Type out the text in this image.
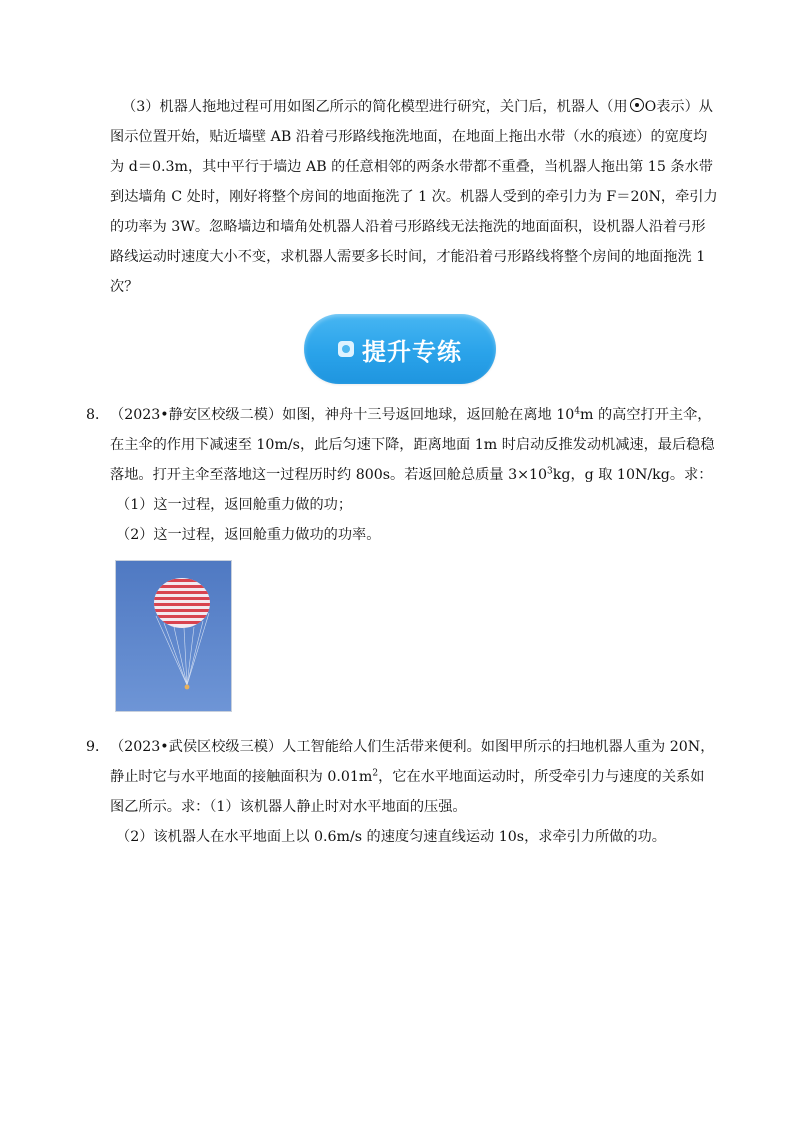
（3）机器人拖地过程可用如图乙所示的简化模型进行研究，关门后，机器人（用 O表示）从
图示位置开始，贴近墙壁 AB 沿着弓形路线拖洗地面，在地面上拖出水带（水的痕迹）的宽度均
为 d＝0.3m，其中平行于墙边 AB 的任意相邻的两条水带都不重叠，当机器人拖出第 15 条水带
到达墙角 C 处时，刚好将整个房间的地面拖洗了 1 次。机器人受到的牵引力为 F＝20N，牵引力
的功率为 3W。忽略墙边和墙角处机器人沿着弓形路线无法拖洗的地面面积，设机器人沿着弓形
路线运动时速度大小不变，求机器人需要多长时间，才能沿着弓形路线将整个房间的地面拖洗 1
次？
提升专练
8．（2023•静安区校级二模）如图，神舟十三号返回地球，返回舱在离地 $10^4m$ 的高空打开主伞，
在主伞的作用下减速至 10m/s，此后匀速下降，距离地面 1m 时启动反推发动机减速，最后稳稳
落地。打开主伞至落地这一过程历时约 800s。若返回舱总质量 $3\times 10^3kg$，g 取 10N/kg。求：
（1）这一过程，返回舱重力做的功；
（2）这一过程，返回舱重力做功的功率。
9．（2023•武侯区校级三模）人工智能给人们生活带来便利。如图甲所示的扫地机器人重为 20N，
静止时它与水平地面的接触面积为 $0.01m^2$，它在水平地面运动时，所受牵引力与速度的关系如
图乙所示。求：（1）该机器人静止时对水平地面的压强。
（2）该机器人在水平地面上以 0.6m/s 的速度匀速直线运动 10s，求牵引力所做的功。
